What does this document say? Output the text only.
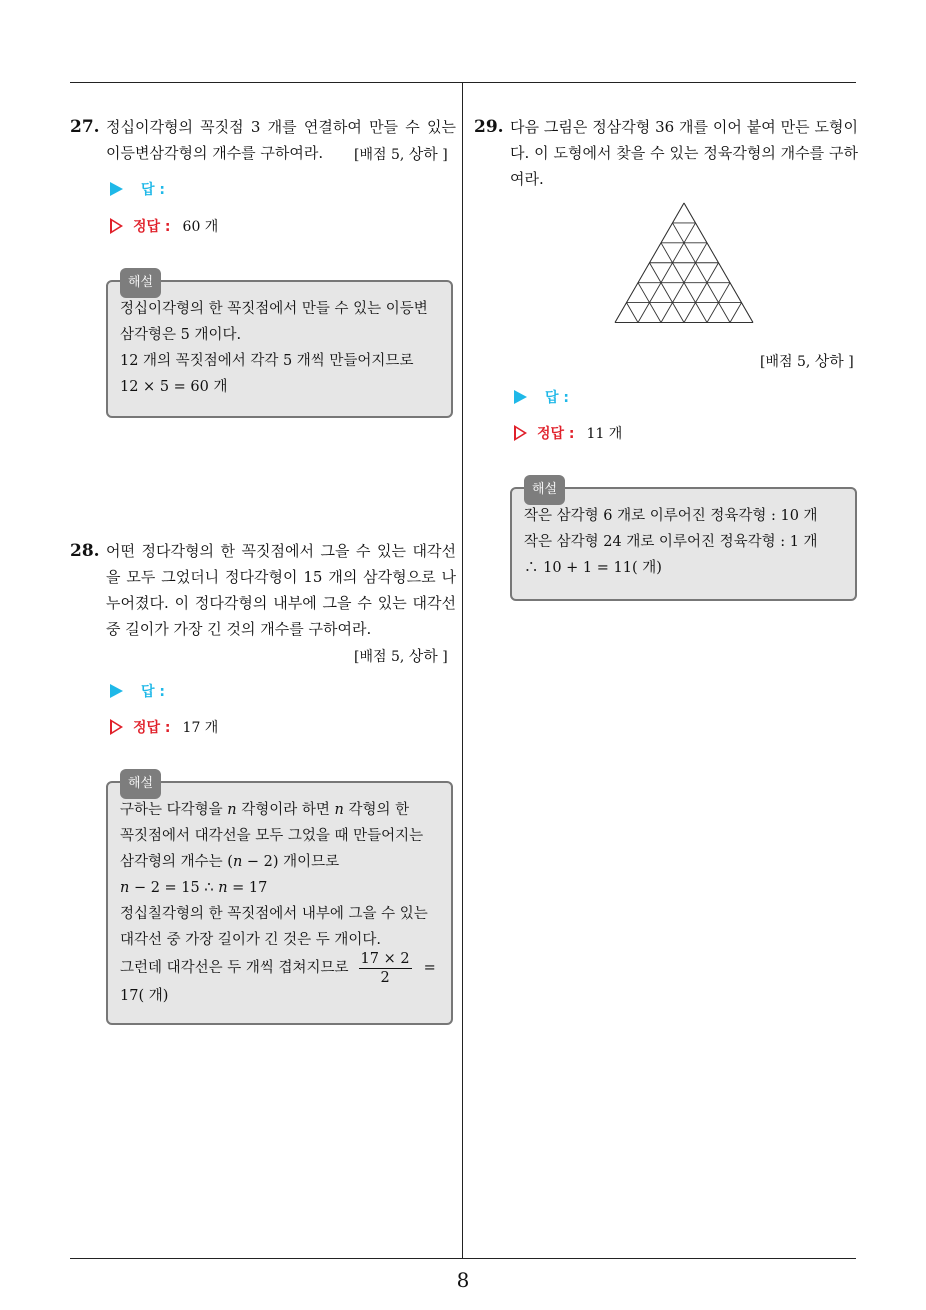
8
27. 정십이각형의 꼭짓점 3 개를 연결하여 만들 수 있는 이등변삼각형의 개수를 구하여라.	[배점 5, 상하 ]
답 :
정답 : 60 개
해설
정십이각형의 한 꼭짓점에서 만들 수 있는 이등변
삼각형은 5 개이다.
12 개의 꼭짓점에서 각각 5 개씩 만들어지므로
12 × 5 = 60 개
28. 어떤 정다각형의 한 꼭짓점에서 그을 수 있는 대각선을 모두 그었더니 정다각형이 15 개의 삼각형으로 나누어졌다. 이 정다각형의 내부에 그을 수 있는 대각선 중 길이가 가장 긴 것의 개수를 구하여라.
[배점 5, 상하 ]
답 :
정답 : 17 개
해설
구하는 다각형을 n 각형이라 하면 n 각형의 한
꼭짓점에서 대각선을 모두 그었을 때 만들어지는
삼각형의 개수는 (n − 2) 개이므로
n − 2 = 15 ∴ n = 17
정십칠각형의 한 꼭짓점에서 내부에 그을 수 있는
대각선 중 가장 길이가 긴 것은 두 개이다.
그런데 대각선은 두 개씩 겹쳐지므로 $\frac{17 \times 2}{2}$ =
17( 개)
29. 다음 그림은 정삼각형 36 개를 이어 붙여 만든 도형이다. 이 도형에서 찾을 수 있는 정육각형의 개수를 구하여라.
[배점 5, 상하 ]
답 :
정답 : 11 개
해설
작은 삼각형 6 개로 이루어진 정육각형 : 10 개
작은 삼각형 24 개로 이루어진 정육각형 : 1 개
∴ 10 + 1 = 11( 개)
